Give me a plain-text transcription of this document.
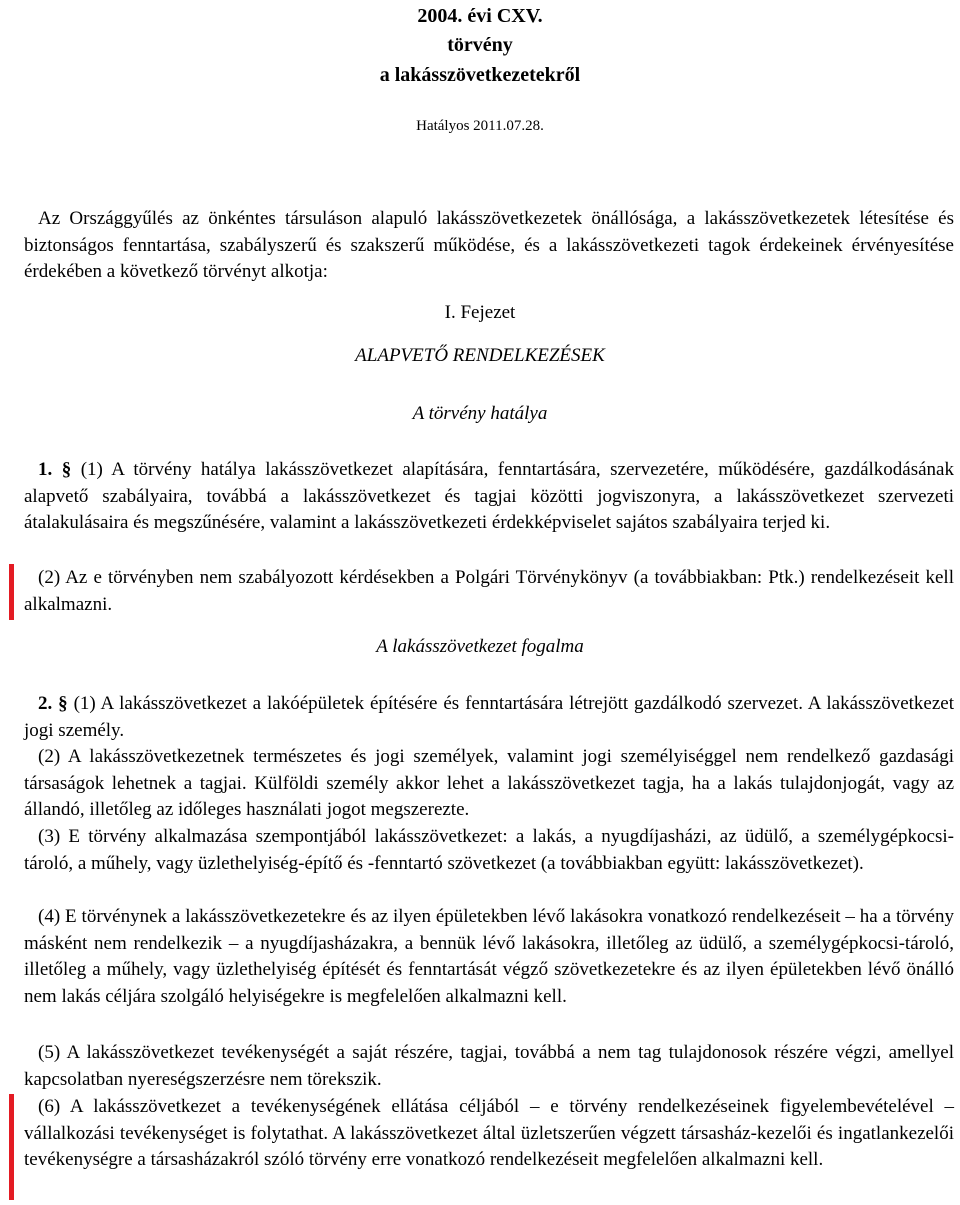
2004. évi CXV.
törvény
a lakásszövetkezetekről
Hatályos 2011.07.28.
Az Országgyűlés az önkéntes társuláson alapuló lakásszövetkezetek önállósága, a lakásszövetkezetek létesítése és biztonságos fenntartása, szabályszerű és szakszerű működése, és a lakásszövetkezeti tagok érdekeinek érvényesítése érdekében a következő törvényt alkotja:
I. Fejezet
ALAPVETŐ RENDELKEZÉSEK
A törvény hatálya
1. § (1) A törvény hatálya lakásszövetkezet alapítására, fenntartására, szervezetére, működésére, gazdálkodásának alapvető szabályaira, továbbá a lakásszövetkezet és tagjai közötti jogviszonyra, a lakásszövetkezet szervezeti átalakulásaira és megszűnésére, valamint a lakásszövetkezeti érdekképviselet sajátos szabályaira terjed ki.
(2) Az e törvényben nem szabályozott kérdésekben a Polgári Törvénykönyv (a továbbiakban: Ptk.) rendelkezéseit kell alkalmazni.
A lakásszövetkezet fogalma
2. § (1) A lakásszövetkezet a lakóépületek építésére és fenntartására létrejött gazdálkodó szervezet. A lakásszövetkezet jogi személy.
(2) A lakásszövetkezetnek természetes és jogi személyek, valamint jogi személyiséggel nem rendelkező gazdasági társaságok lehetnek a tagjai. Külföldi személy akkor lehet a lakásszövetkezet tagja, ha a lakás tulajdonjogát, vagy az állandó, illetőleg az időleges használati jogot megszerezte.
(3) E törvény alkalmazása szempontjából lakásszövetkezet: a lakás, a nyugdíjasházi, az üdülő, a személygépkocsi-tároló, a műhely, vagy üzlethelyiség-építő és -fenntartó szövetkezet (a továbbiakban együtt: lakásszövetkezet).
(4) E törvénynek a lakásszövetkezetekre és az ilyen épületekben lévő lakásokra vonatkozó rendelkezéseit – ha a törvény másként nem rendelkezik – a nyugdíjasházakra, a bennük lévő lakásokra, illetőleg az üdülő, a személygépkocsi-tároló, illetőleg a műhely, vagy üzlethelyiség építését és fenntartását végző szövetkezetekre és az ilyen épületekben lévő önálló nem lakás céljára szolgáló helyiségekre is megfelelően alkalmazni kell.
(5) A lakásszövetkezet tevékenységét a saját részére, tagjai, továbbá a nem tag tulajdonosok részére végzi, amellyel kapcsolatban nyereségszerzésre nem törekszik.
(6) A lakásszövetkezet a tevékenységének ellátása céljából – e törvény rendelkezéseinek figyelembevételével – vállalkozási tevékenységet is folytathat. A lakásszövetkezet által üzletszerűen végzett társasház-kezelői és ingatlankezelői tevékenységre a társasházakról szóló törvény erre vonatkozó rendelkezéseit megfelelően alkalmazni kell.
